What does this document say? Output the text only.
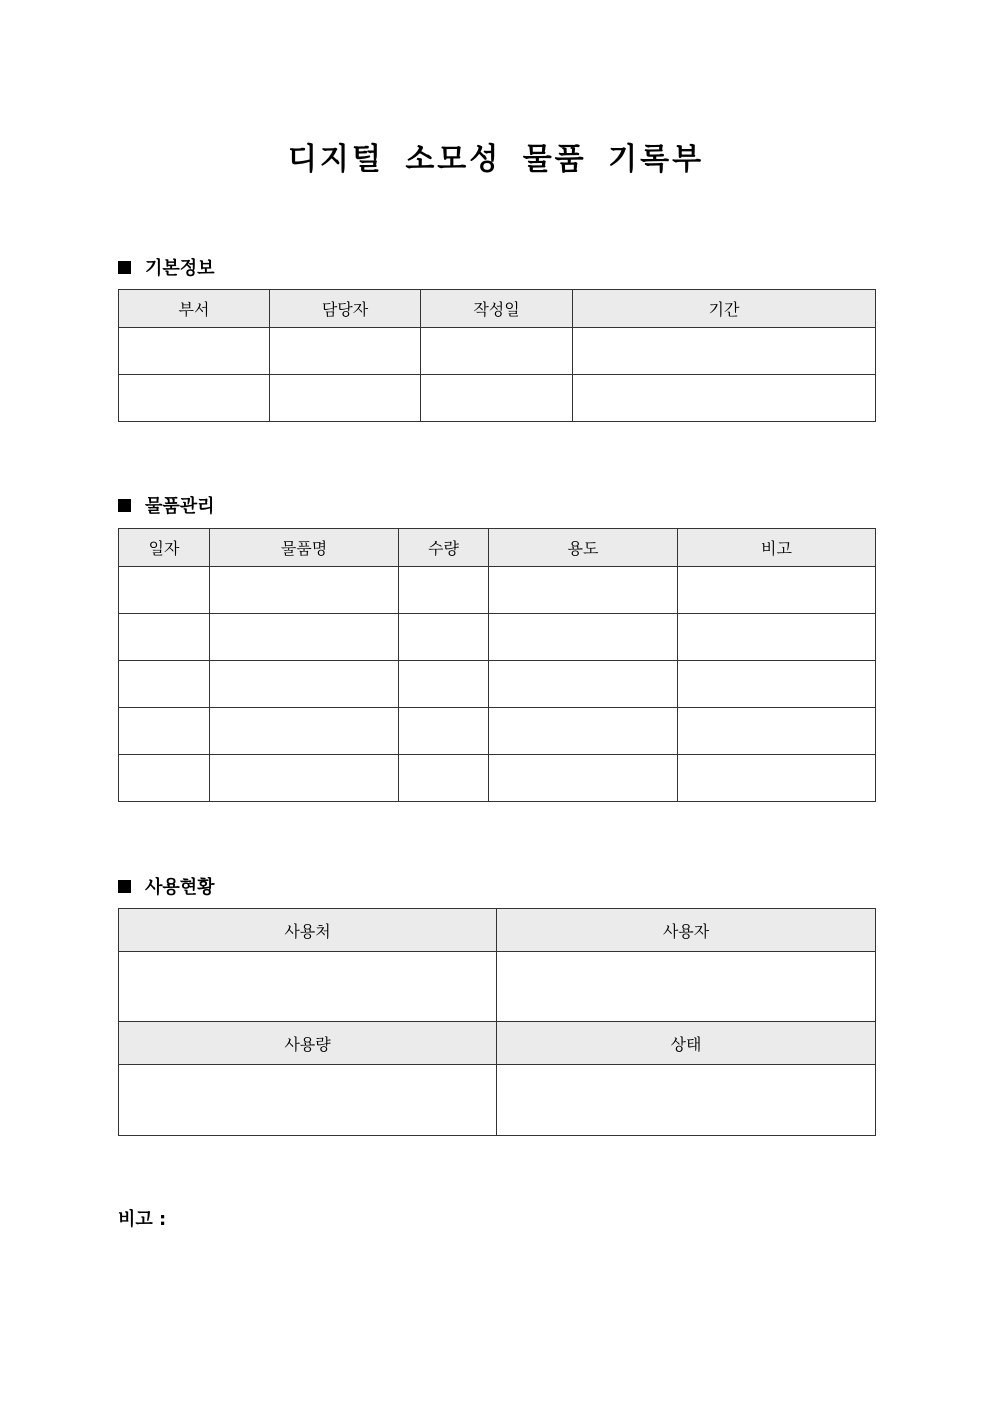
디지털 소모성 물품 기록부
기본정보
부서	담당자	작성일	기간

물품관리
일자	물품명	수량	용도	비고

사용현황
사용처	사용자

사용량	상태

비고 :
